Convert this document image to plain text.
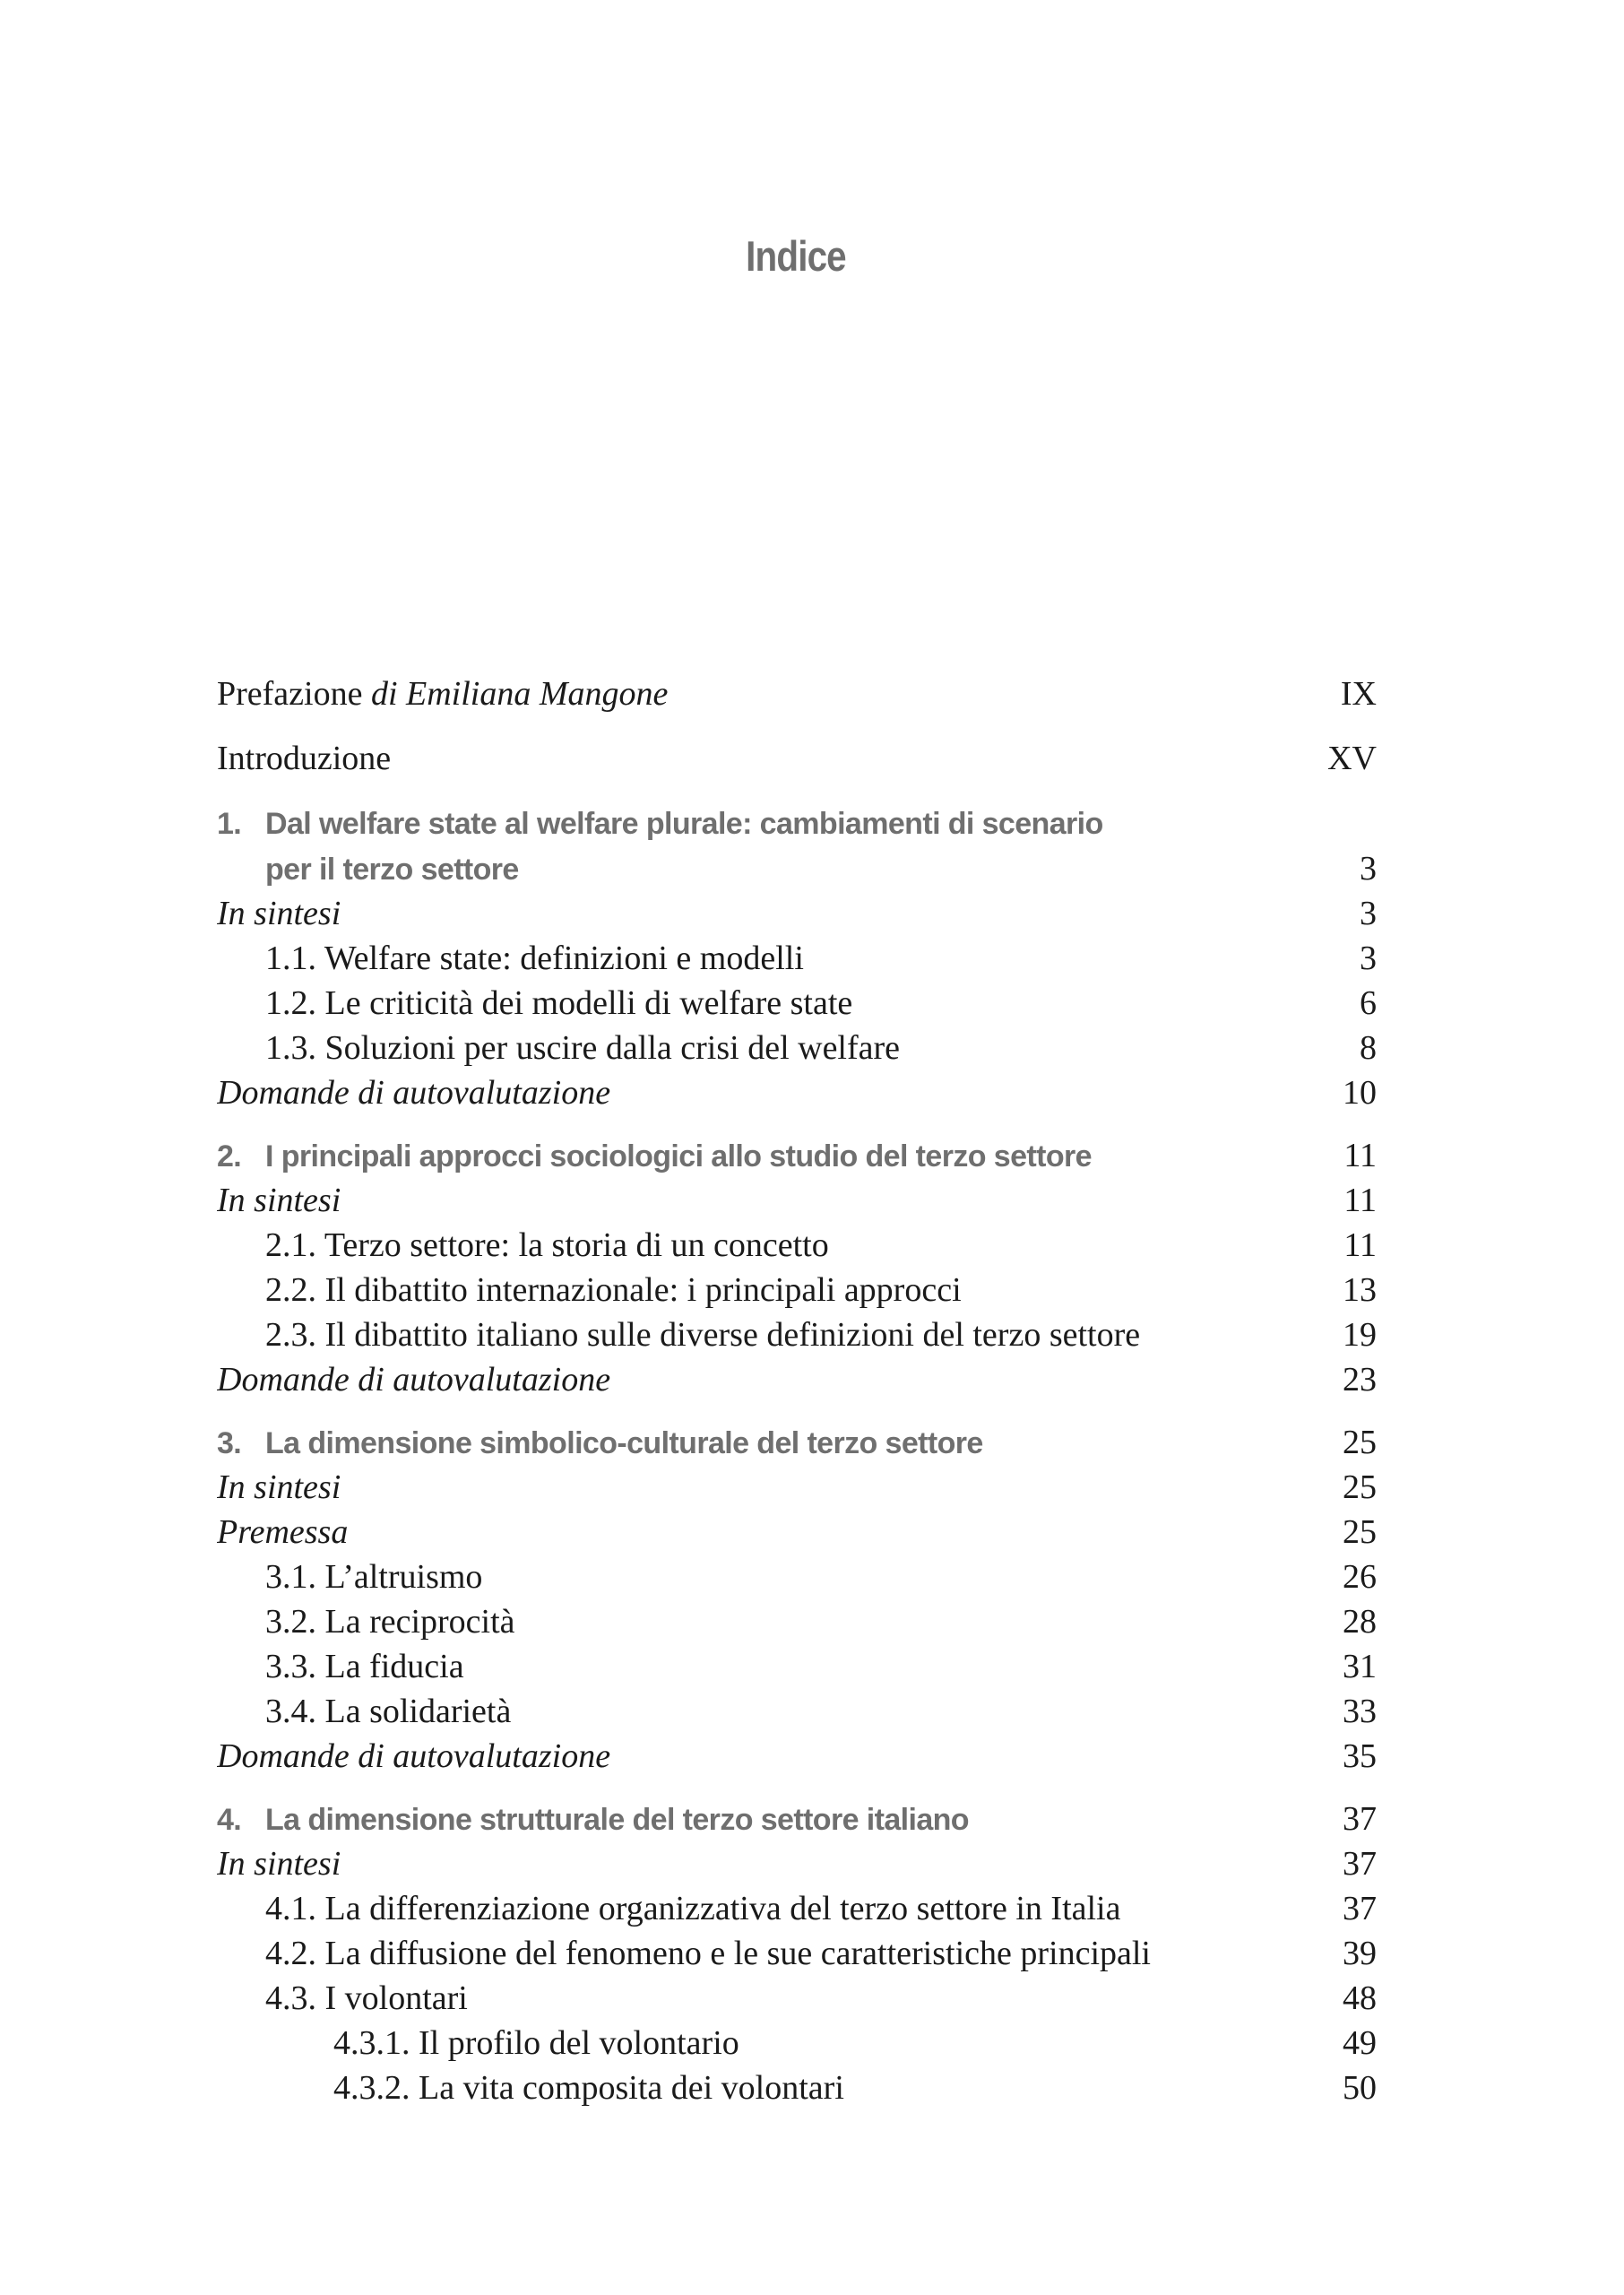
Indice
Prefazione di Emiliana Mangone	IX
Introduzione	XV
1. Dal welfare state al welfare plurale: cambiamenti di scenario
per il terzo settore	3
In sintesi	3
1.1. Welfare state: definizioni e modelli	3
1.2. Le criticità dei modelli di welfare state	6
1.3. Soluzioni per uscire dalla crisi del welfare	8
Domande di autovalutazione	10
2. I principali approcci sociologici allo studio del terzo settore	11
In sintesi	11
2.1. Terzo settore: la storia di un concetto	11
2.2. Il dibattito internazionale: i principali approcci	13
2.3. Il dibattito italiano sulle diverse definizioni del terzo settore	19
Domande di autovalutazione	23
3. La dimensione simbolico-culturale del terzo settore	25
In sintesi	25
Premessa	25
3.1. L’altruismo	26
3.2. La reciprocità	28
3.3. La fiducia	31
3.4. La solidarietà	33
Domande di autovalutazione	35
4. La dimensione strutturale del terzo settore italiano	37
In sintesi	37
4.1. La differenziazione organizzativa del terzo settore in Italia	37
4.2. La diffusione del fenomeno e le sue caratteristiche principali	39
4.3. I volontari	48
4.3.1. Il profilo del volontario	49
4.3.2. La vita composita dei volontari	50
